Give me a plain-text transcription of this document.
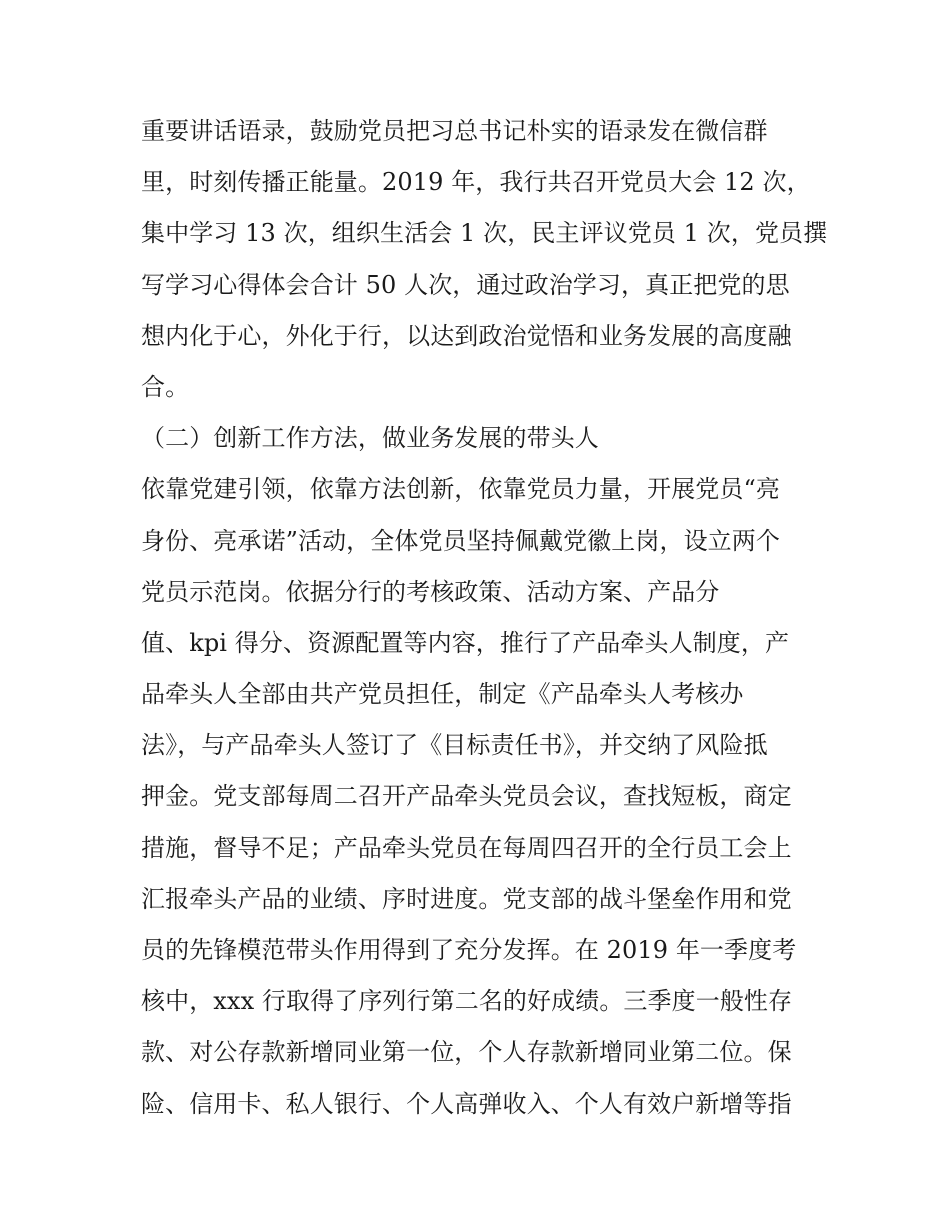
重要讲话语录，鼓励党员把习总书记朴实的语录发在微信群
里，时刻传播正能量。2019 年，我行共召开党员大会 12 次，
集中学习 13 次，组织生活会 1 次，民主评议党员 1 次，党员撰
写学习心得体会合计 50 人次，通过政治学习，真正把党的思
想内化于心，外化于行，以达到政治觉悟和业务发展的高度融
合。
（二）创新工作方法，做业务发展的带头人
依靠党建引领，依靠方法创新，依靠党员力量，开展党员“亮
身份、亮承诺”活动，全体党员坚持佩戴党徽上岗，设立两个
党员示范岗。依据分行的考核政策、活动方案、产品分
值、kpi 得分、资源配置等内容，推行了产品牵头人制度，产
品牵头人全部由共产党员担任，制定《产品牵头人考核办
法》，与产品牵头人签订了《目标责任书》，并交纳了风险抵
押金。党支部每周二召开产品牵头党员会议，查找短板，商定
措施，督导不足；产品牵头党员在每周四召开的全行员工会上
汇报牵头产品的业绩、序时进度。党支部的战斗堡垒作用和党
员的先锋模范带头作用得到了充分发挥。在 2019 年一季度考
核中，xxx 行取得了序列行第二名的好成绩。三季度一般性存
款、对公存款新增同业第一位，个人存款新增同业第二位。保
险、信用卡、私人银行、个人高弹收入、个人有效户新增等指
